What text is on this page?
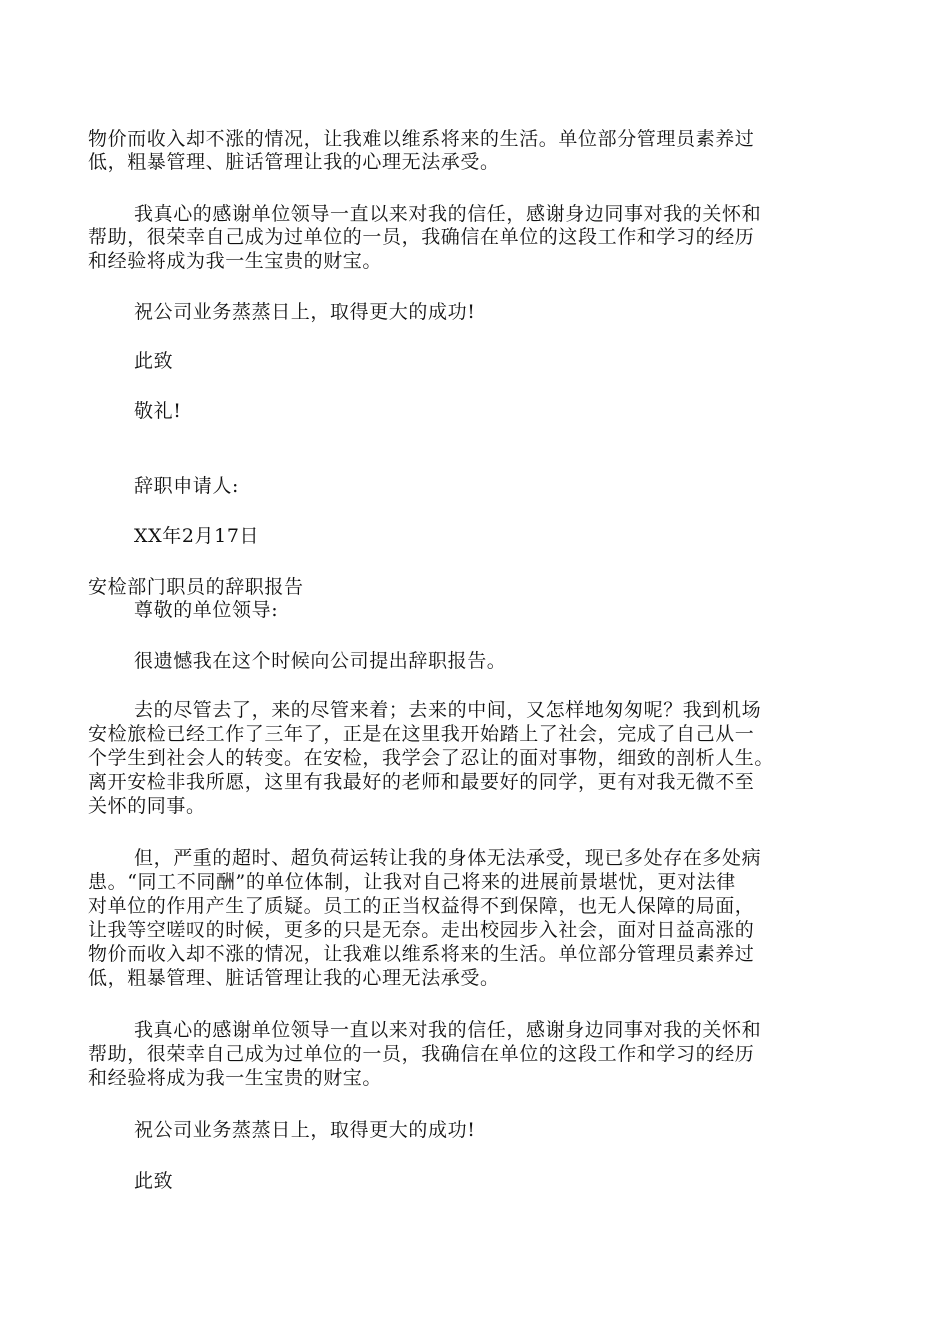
物价而收入却不涨的情况，让我难以维系将来的生活。单位部分管理员素养过
低，粗暴管理、脏话管理让我的心理无法承受。
我真心的感谢单位领导一直以来对我的信任，感谢身边同事对我的关怀和
帮助，很荣幸自己成为过单位的一员，我确信在单位的这段工作和学习的经历
和经验将成为我一生宝贵的财宝。
祝公司业务蒸蒸日上，取得更大的成功!
此致
敬礼!
辞职申请人:
XX年2月17日
安检部门职员的辞职报告
尊敬的单位领导:
很遗憾我在这个时候向公司提出辞职报告。
去的尽管去了，来的尽管来着；去来的中间，又怎样地匆匆呢？我到机场
安检旅检已经工作了三年了，正是在这里我开始踏上了社会，完成了自己从一
个学生到社会人的转变。在安检，我学会了忍让的面对事物，细致的剖析人生。
离开安检非我所愿，这里有我最好的老师和最要好的同学，更有对我无微不至
关怀的同事。
但，严重的超时、超负荷运转让我的身体无法承受，现已多处存在多处病
患。“同工不同酬”的单位体制，让我对自己将来的进展前景堪忧，更对法律
对单位的作用产生了质疑。员工的正当权益得不到保障，也无人保障的局面，
让我等空嗟叹的时候，更多的只是无奈。走出校园步入社会，面对日益高涨的
物价而收入却不涨的情况，让我难以维系将来的生活。单位部分管理员素养过
低，粗暴管理、脏话管理让我的心理无法承受。
我真心的感谢单位领导一直以来对我的信任，感谢身边同事对我的关怀和
帮助，很荣幸自己成为过单位的一员，我确信在单位的这段工作和学习的经历
和经验将成为我一生宝贵的财宝。
祝公司业务蒸蒸日上，取得更大的成功!
此致
